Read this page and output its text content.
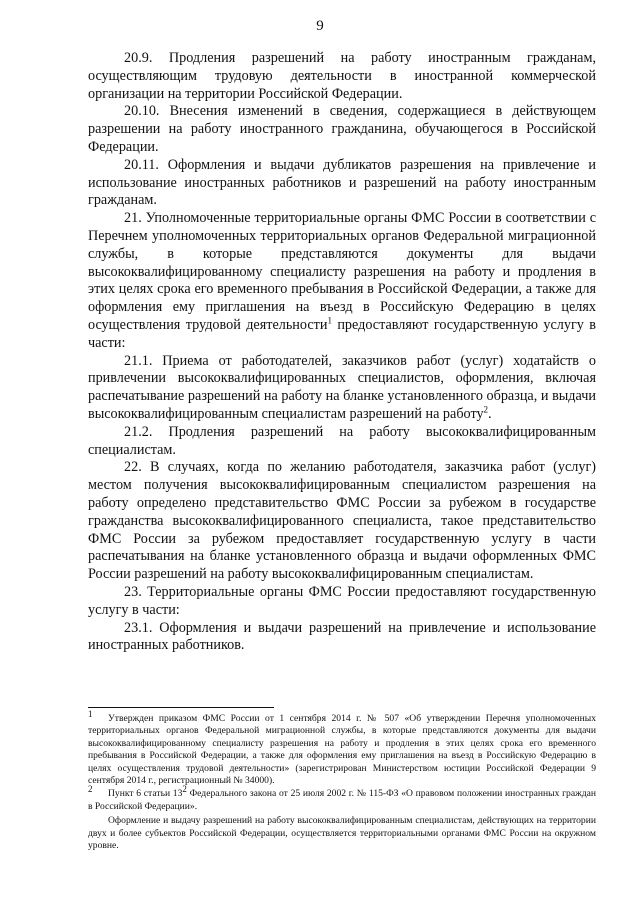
9

20.9. Продления разрешений на работу иностранным гражданам, осуществляющим трудовую деятельности в иностранной коммерческой организации на территории Российской Федерации.

20.10. Внесения изменений в сведения, содержащиеся в действующем разрешении на работу иностранного гражданина, обучающегося в Российской Федерации.

20.11. Оформления и выдачи дубликатов разрешения на привлечение и использование иностранных работников и разрешений на работу иностранным гражданам.

21. Уполномоченные территориальные органы ФМС России в соответствии с Перечнем уполномоченных территориальных органов Федеральной миграционной службы, в которые представляются документы для выдачи высококвалифицированному специалисту разрешения на работу и продления в этих целях срока его временного пребывания в Российской Федерации, а также для оформления ему приглашения на въезд в Российскую Федерацию в целях осуществления трудовой деятельности$^1$ предоставляют государственную услугу в части:

21.1. Приема от работодателей, заказчиков работ (услуг) ходатайств о привлечении высококвалифицированных специалистов, оформления, включая распечатывание разрешений на работу на бланке установленного образца, и выдачи высококвалифицированным специалистам разрешений на работу$^2$.

21.2. Продления разрешений на работу высококвалифицированным специалистам.

22. В случаях, когда по желанию работодателя, заказчика работ (услуг) местом получения высококвалифицированным специалистом разрешения на работу определено представительство ФМС России за рубежом в государстве гражданства высококвалифицированного специалиста, такое представительство ФМС России за рубежом предоставляет государственную услугу в части распечатывания на бланке установленного образца и выдачи оформленных ФМС России разрешений на работу высококвалифицированным специалистам.

23. Территориальные органы ФМС России предоставляют государственную услугу в части:

23.1. Оформления и выдачи разрешений на привлечение и использование иностранных работников.

$^1$ Утвержден приказом ФМС России от 1 сентября 2014 г. № 507 «Об утверждении Перечня уполномоченных территориальных органов Федеральной миграционной службы, в которые представляются документы для выдачи высококвалифицированному специалисту разрешения на работу и продления в этих целях срока его временного пребывания в Российской Федерации, а также для оформления ему приглашения на въезд в Российскую Федерацию в целях осуществления трудовой деятельности» (зарегистрирован Министерством юстиции Российской Федерации 9 сентября 2014 г., регистрационный № 34000).

$^2$ Пункт 6 статьи $13^2$ Федерального закона от 25 июля 2002 г. № 115-ФЗ «О правовом положении иностранных граждан в Российской Федерации».

Оформление и выдачу разрешений на работу высококвалифицированным специалистам, действующих на территории двух и более субъектов Российской Федерации, осуществляется территориальными органами ФМС России на окружном уровне.
